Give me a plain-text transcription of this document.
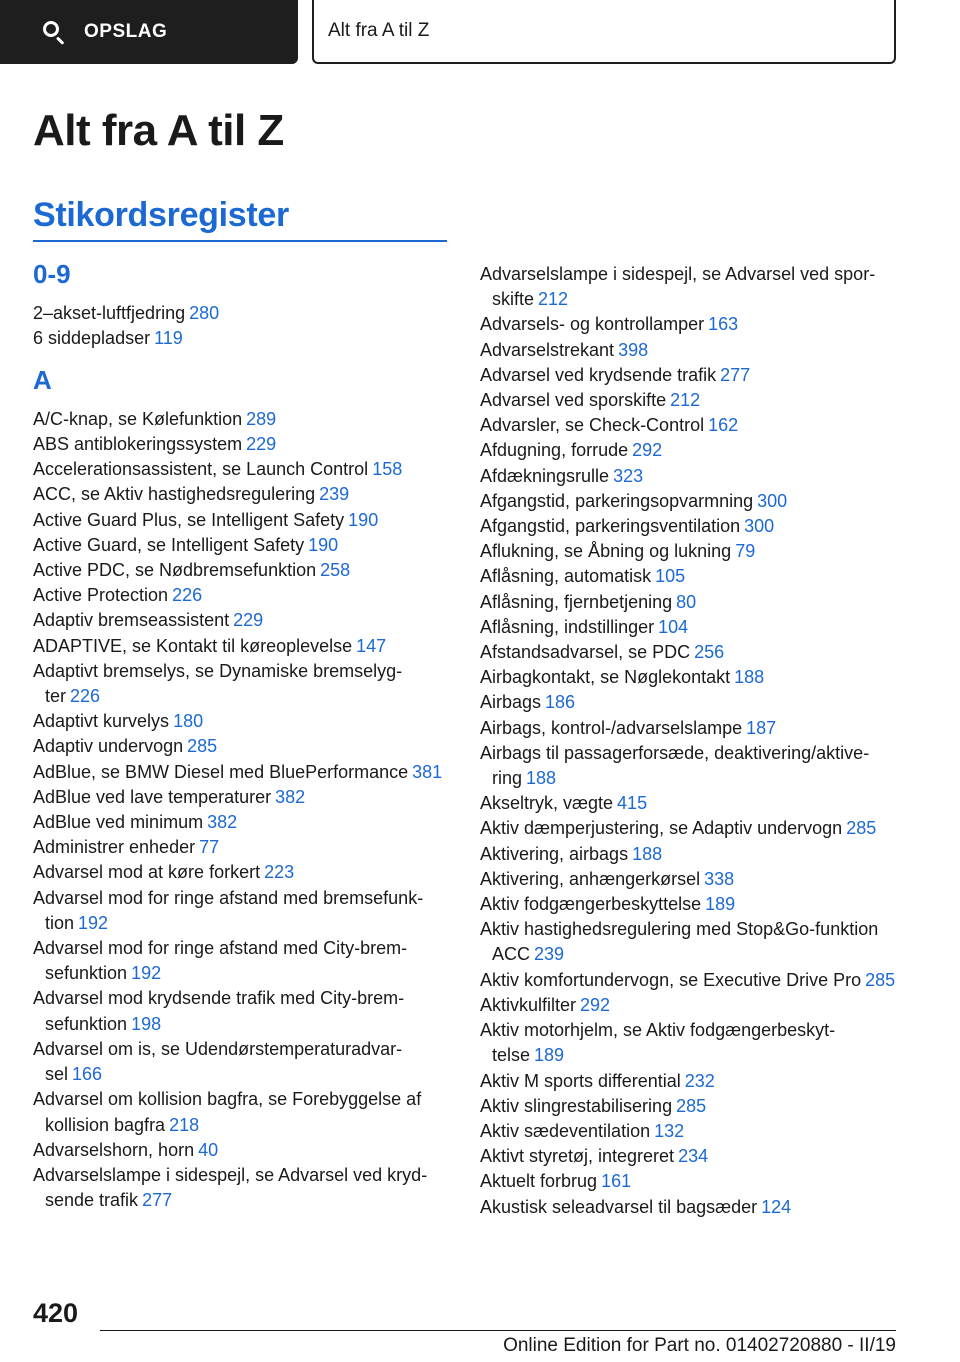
OPSLAG	Alt fra A til Z
Alt fra A til Z
Stikordsregister
0-9
2–akset-luftfjedring 280
6 siddepladser 119
A
A/C-knap, se Kølefunktion 289
ABS antiblokeringssystem 229
Accelerationsassistent, se Launch Control 158
ACC, se Aktiv hastighedsregulering 239
Active Guard Plus, se Intelligent Safety 190
Active Guard, se Intelligent Safety 190
Active PDC, se Nødbremsefunktion 258
Active Protection 226
Adaptiv bremseassistent 229
ADAPTIVE, se Kontakt til køreoplevelse 147
Adaptivt bremselys, se Dynamiske bremselygter 226
Adaptivt kurvelys 180
Adaptiv undervogn 285
AdBlue, se BMW Diesel med BluePerformance 381
AdBlue ved lave temperaturer 382
AdBlue ved minimum 382
Administrer enheder 77
Advarsel mod at køre forkert 223
Advarsel mod for ringe afstand med bremsefunktion 192
Advarsel mod for ringe afstand med City-bremsefunktion 192
Advarsel mod krydsende trafik med City-bremsefunktion 198
Advarsel om is, se Udendørstemperaturadvarsel 166
Advarsel om kollision bagfra, se Forebyggelse af kollision bagfra 218
Advarselshorn, horn 40
Advarselslampe i sidespejl, se Advarsel ved krydsende trafik 277
Advarselslampe i sidespejl, se Advarsel ved sporskifte 212
Advarsels- og kontrollamper 163
Advarselstrekant 398
Advarsel ved krydsende trafik 277
Advarsel ved sporskifte 212
Advarsler, se Check-Control 162
Afdugning, forrude 292
Afdækningsrulle 323
Afgangstid, parkeringsopvarmning 300
Afgangstid, parkeringsventilation 300
Aflukning, se Åbning og lukning 79
Aflåsning, automatisk 105
Aflåsning, fjernbetjening 80
Aflåsning, indstillinger 104
Afstandsadvarsel, se PDC 256
Airbagkontakt, se Nøglekontakt 188
Airbags 186
Airbags, kontrol-/advarselslampe 187
Airbags til passagerforsæde, deaktivering/aktivering 188
Akseltryk, vægte 415
Aktiv dæmperjustering, se Adaptiv undervogn 285
Aktivering, airbags 188
Aktivering, anhængerkørsel 338
Aktiv fodgængerbeskyttelse 189
Aktiv hastighedsregulering med Stop&Go-funktion ACC 239
Aktiv komfortundervogn, se Executive Drive Pro 285
Aktivkulfilter 292
Aktiv motorhjelm, se Aktiv fodgængerbeskyttelse 189
Aktiv M sports differential 232
Aktiv slingrestabilisering 285
Aktiv sædeventilation 132
Aktivt styretøj, integreret 234
Aktuelt forbrug 161
Akustisk seleadvarsel til bagsæder 124
420
Online Edition for Part no. 01402720880 - II/19
